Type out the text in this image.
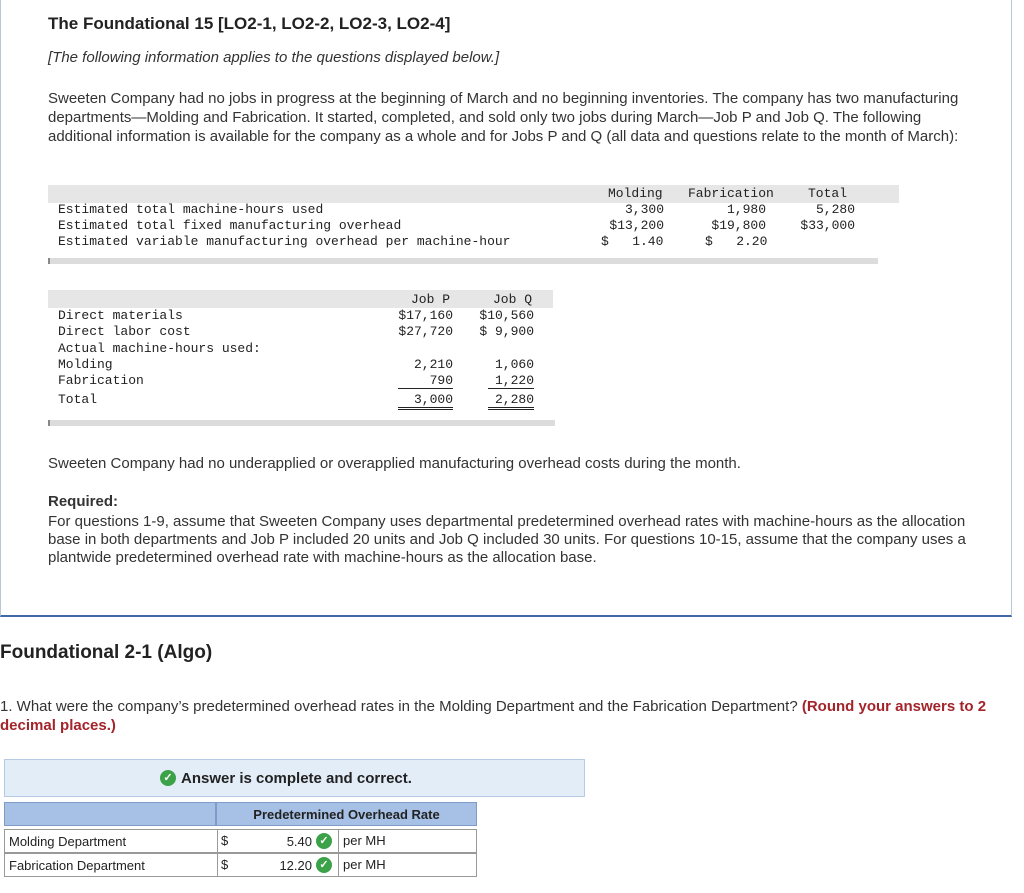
The Foundational 15 [LO2-1, LO2-2, LO2-3, LO2-4]
[The following information applies to the questions displayed below.]
Sweeten Company had no jobs in progress at the beginning of March and no beginning inventories. The company has two manufacturing departments—Molding and Fabrication. It started, completed, and sold only two jobs during March—Job P and Job Q. The following additional information is available for the company as a whole and for Jobs P and Q (all data and questions relate to the month of March):
Molding Fabrication	Total
Estimated total machine-hours used	3,300	1,980	5,280
Estimated total fixed manufacturing overhead	$13,200	$19,800	$33,000
Estimated variable manufacturing overhead per machine-hour	$   1.40	$   2.20
Job P	Job Q
Direct materials	$17,160	$10,560
Direct labor cost	$27,720	$ 9,900
Actual machine-hours used:
Molding	2,210	1,060
Fabrication	790	1,220
Total	3,000	2,280
Sweeten Company had no underapplied or overapplied manufacturing overhead costs during the month.
Required:
For questions 1-9, assume that Sweeten Company uses departmental predetermined overhead rates with machine-hours as the allocation base in both departments and Job P included 20 units and Job Q included 30 units. For questions 10-15, assume that the company uses a plantwide predetermined overhead rate with machine-hours as the allocation base.
Foundational 2-1 (Algo)
1. What were the company’s predetermined overhead rates in the Molding Department and the Fabrication Department? (Round your answers to 2 decimal places.)
✓ Answer is complete and correct.
Predetermined Overhead Rate
Molding Department	$	5.40 ✓	per MH
Fabrication Department	$	12.20 ✓	per MH
